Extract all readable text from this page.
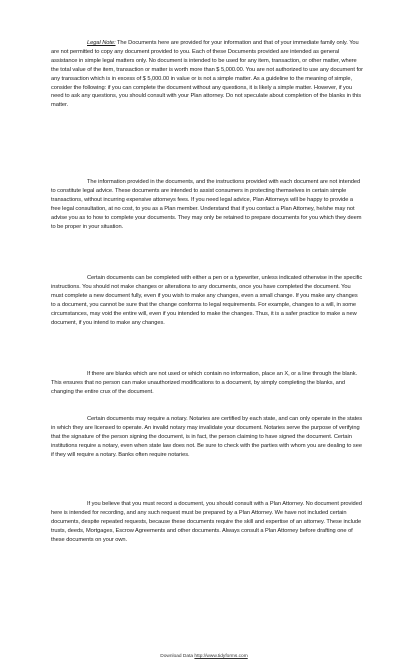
Legal Note: The Documents here are provided for your information and that of your immediate family only. You are not permitted to copy any document provided to you. Each of these Documents provided are intended as general assistance in simple legal matters only. No document is intended to be used for any item, transaction, or other matter, where the total value of the item, transaction or matter is worth more than $ 5,000.00. You are not authorized to use any document for any transaction which is in excess of $ 5,000.00 in value or is not a simple matter. As a guideline to the meaning of simple, consider the following: if you can complete the document without any questions, it is likely a simple matter. However, if you need to ask any questions, you should consult with your Plan attorney. Do not speculate about completion of the blanks in this matter.

The information provided in the documents, and the instructions provided with each document are not intended to constitute legal advice. These documents are intended to assist consumers in protecting themselves in certain simple transactions, without incurring expensive attorneys fees. If you need legal advice, Plan Attorneys will be happy to provide a free legal consultation, at no cost, to you as a Plan member. Understand that if you contact a Plan Attorney, he/she may not advise you as to how to complete your documents. They may only be retained to prepare documents for you which they deem to be proper in your situation.

Certain documents can be completed with either a pen or a typewriter, unless indicated otherwise in the specific instructions. You should not make changes or alterations to any documents, once you have completed the document. You must complete a new document fully, even if you wish to make any changes, even a small change. If you make any changes to a document, you cannot be sure that the change conforms to legal requirements. For example, changes to a will, in some circumstances, may void the entire will, even if you intended to make the changes. Thus, it is a safer practice to make a new document, if you intend to make any changes.

If there are blanks which are not used or which contain no information, place an X, or a line through the blank. This ensures that no person can make unauthorized modifications to a document, by simply completing the blanks, and changing the entire crux of the document.

Certain documents may require a notary. Notaries are certified by each state, and can only operate in the states in which they are licensed to operate. An invalid notary may invalidate your document. Notaries serve the purpose of verifying that the signature of the person signing the document, is in fact, the person claiming to have signed the document. Certain institutions require a notary, even when state law does not. Be sure to check with the parties with whom you are dealing to see if they will require a notary. Banks often require notaries.

If you believe that you must record a document, you should consult with a Plan Attorney. No document provided here is intended for recording, and any such request must be prepared by a Plan Attorney. We have not included certain documents, despite repeated requests, because these documents require the skill and expertise of an attorney. These include trusts, deeds, Mortgages, Escrow Agreements and other documents. Always consult a Plan Attorney before drafting one of these documents on your own.

Download Data http://www.tidyforms.com
